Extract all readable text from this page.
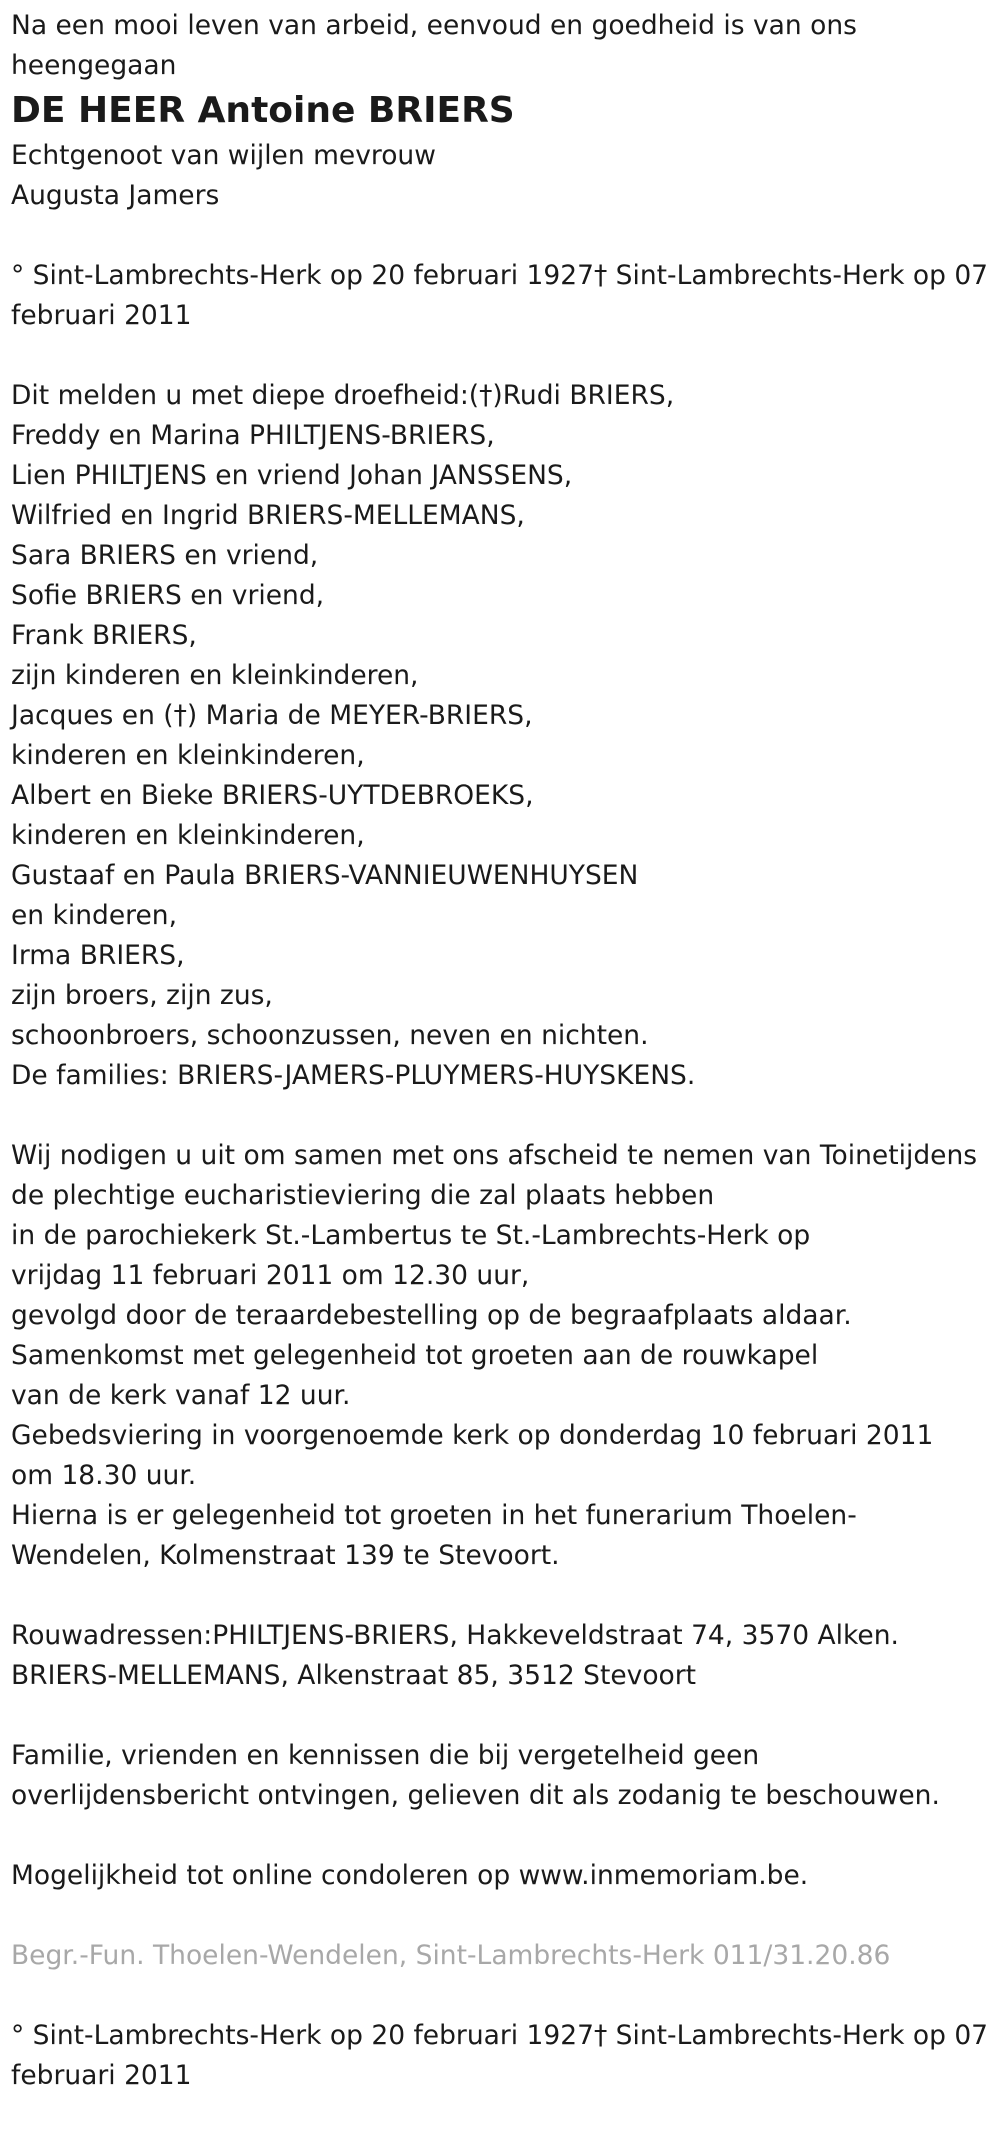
Na een mooi leven van arbeid, eenvoud en goedheid is van ons

heengegaan

DE HEER Antoine BRIERS

Echtgenoot van wijlen mevrouw

Augusta Jamers

° Sint-Lambrechts-Herk op 20 februari 1927† Sint-Lambrechts-Herk op 07

februari 2011

Dit melden u met diepe droefheid:(†)Rudi BRIERS,

Freddy en Marina PHILTJENS-BRIERS,

Lien PHILTJENS en vriend Johan JANSSENS,

Wilfried en Ingrid BRIERS-MELLEMANS,

Sara BRIERS en vriend,

Sofie BRIERS en vriend,

Frank BRIERS,

zijn kinderen en kleinkinderen,

Jacques en (†) Maria de MEYER-BRIERS,

kinderen en kleinkinderen,

Albert en Bieke BRIERS-UYTDEBROEKS,

kinderen en kleinkinderen,

Gustaaf en Paula BRIERS-VANNIEUWENHUYSEN

en kinderen,

Irma BRIERS,

zijn broers, zijn zus,

schoonbroers, schoonzussen, neven en nichten.

De families: BRIERS-JAMERS-PLUYMERS-HUYSKENS.

Wij nodigen u uit om samen met ons afscheid te nemen van Toinetijdens

de plechtige eucharistieviering die zal plaats hebben

in de parochiekerk St.-Lambertus te St.-Lambrechts-Herk op

vrijdag 11 februari 2011 om 12.30 uur,

gevolgd door de teraardebestelling op de begraafplaats aldaar.

Samenkomst met gelegenheid tot groeten aan de rouwkapel

van de kerk vanaf 12 uur.

Gebedsviering in voorgenoemde kerk op donderdag 10 februari 2011

om 18.30 uur.

Hierna is er gelegenheid tot groeten in het funerarium Thoelen-

Wendelen, Kolmenstraat 139 te Stevoort.

Rouwadressen:PHILTJENS-BRIERS, Hakkeveldstraat 74, 3570 Alken.

BRIERS-MELLEMANS, Alkenstraat 85, 3512 Stevoort

Familie, vrienden en kennissen die bij vergetelheid geen

overlijdensbericht ontvingen, gelieven dit als zodanig te beschouwen.

Mogelijkheid tot online condoleren op www.inmemoriam.be.

Begr.-Fun. Thoelen-Wendelen, Sint-Lambrechts-Herk 011/31.20.86

° Sint-Lambrechts-Herk op 20 februari 1927† Sint-Lambrechts-Herk op 07

februari 2011
